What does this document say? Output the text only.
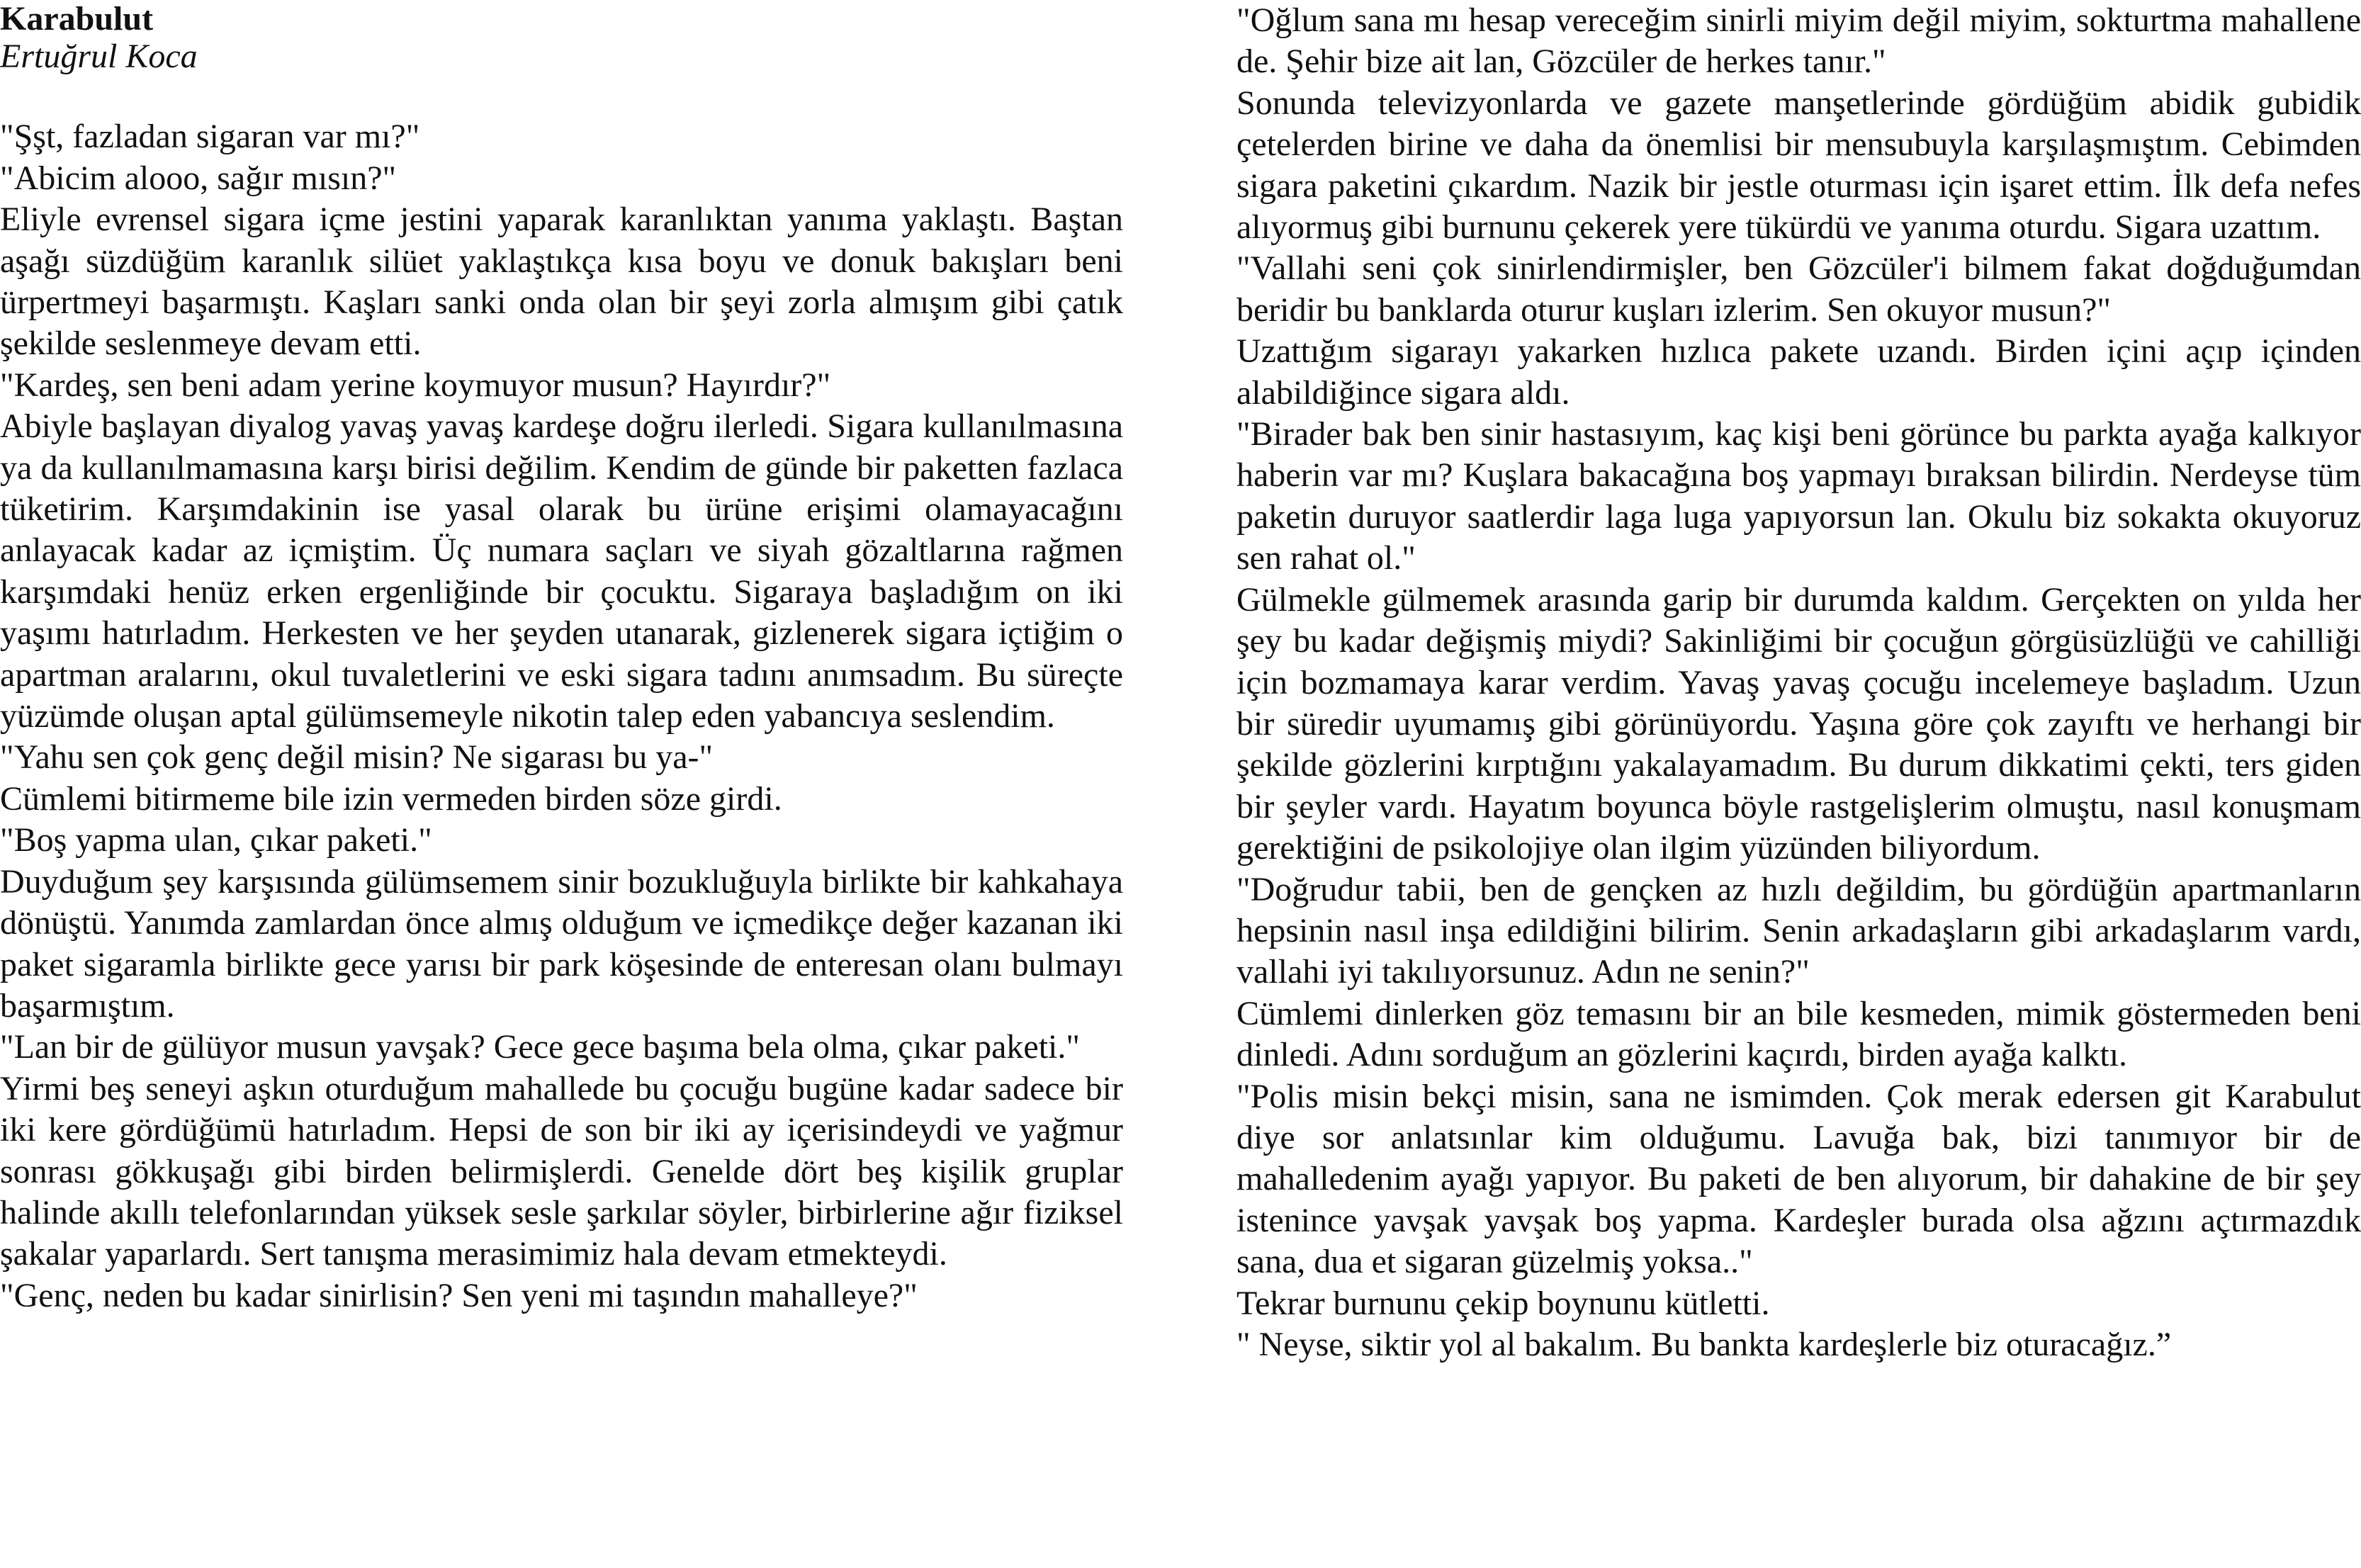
Karabulut

Ertuğrul Koca

"Şşt, fazladan sigaran var mı?"

"Abicim alooo, sağır mısın?"

Eliyle evrensel sigara içme jestini yaparak karanlıktan yanıma yaklaştı. Baştan aşağı süzdüğüm karanlık silüet yaklaştıkça kısa boyu ve donuk bakışları beni ürpertmeyi başarmıştı. Kaşları sanki onda olan bir şeyi zorla almışım gibi çatık şekilde seslenmeye devam etti.

"Kardeş, sen beni adam yerine koymuyor musun? Hayırdır?"

Abiyle başlayan diyalog yavaş yavaş kardeşe doğru ilerledi. Sigara kullanılmasına ya da kullanılmamasına karşı birisi değilim. Kendim de günde bir paketten fazlaca tüketirim. Karşımdakinin ise yasal olarak bu ürüne erişimi olamayacağını anlayacak kadar az içmiştim. Üç numara saçları ve siyah gözaltlarına rağmen karşımdaki henüz erken ergenliğinde bir çocuktu. Sigaraya başladığım on iki yaşımı hatırladım. Herkesten ve her şeyden utanarak, gizlenerek sigara içtiğim o apartman aralarını, okul tuvaletlerini ve eski sigara tadını anımsadım. Bu süreçte yüzümde oluşan aptal gülümsemeyle nikotin talep eden yabancıya seslendim.

"Yahu sen çok genç değil misin? Ne sigarası bu ya-"

Cümlemi bitirmeme bile izin vermeden birden söze girdi.

"Boş yapma ulan, çıkar paketi."

Duyduğum şey karşısında gülümsemem sinir bozukluğuyla birlikte bir kahkahaya dönüştü. Yanımda zamlardan önce almış olduğum ve içmedikçe değer kazanan iki paket sigaramla birlikte gece yarısı bir park köşesinde de enteresan olanı bulmayı başarmıştım.

"Lan bir de gülüyor musun yavşak? Gece gece başıma bela olma, çıkar paketi."

Yirmi beş seneyi aşkın oturduğum mahallede bu çocuğu bugüne kadar sadece bir iki kere gördüğümü hatırladım. Hepsi de son bir iki ay içerisindeydi ve yağmur sonrası gökkuşağı gibi birden belirmişlerdi. Genelde dört beş kişilik gruplar halinde akıllı telefonlarından yüksek sesle şarkılar söyler, birbirlerine ağır fiziksel şakalar yaparlardı. Sert tanışma merasimimiz hala devam etmekteydi.

"Genç, neden bu kadar sinirlisin? Sen yeni mi taşındın mahalleye?"

"Oğlum sana mı hesap vereceğim sinirli miyim değil miyim, sokturtma mahallene de. Şehir bize ait lan, Gözcüler de herkes tanır."

Sonunda televizyonlarda ve gazete manşetlerinde gördüğüm abidik gubidik çetelerden birine ve daha da önemlisi bir mensubuyla karşılaşmıştım. Cebimden sigara paketini çıkardım. Nazik bir jestle oturması için işaret ettim. İlk defa nefes alıyormuş gibi burnunu çekerek yere tükürdü ve yanıma oturdu. Sigara uzattım.

"Vallahi seni çok sinirlendirmişler, ben Gözcüler'i bilmem fakat doğduğumdan beridir bu banklarda oturur kuşları izlerim. Sen okuyor musun?"

Uzattığım sigarayı yakarken hızlıca pakete uzandı. Birden içini açıp içinden alabildiğince sigara aldı.

"Birader bak ben sinir hastasıyım, kaç kişi beni görünce bu parkta ayağa kalkıyor haberin var mı? Kuşlara bakacağına boş yapmayı bıraksan bilirdin. Nerdeyse tüm paketin duruyor saatlerdir laga luga yapıyorsun lan. Okulu biz sokakta okuyoruz sen rahat ol."

Gülmekle gülmemek arasında garip bir durumda kaldım. Gerçekten on yılda her şey bu kadar değişmiş miydi? Sakinliğimi bir çocuğun görgüsüzlüğü ve cahilliği için bozmamaya karar verdim. Yavaş yavaş çocuğu incelemeye başladım. Uzun bir süredir uyumamış gibi görünüyordu. Yaşına göre çok zayıftı ve herhangi bir şekilde gözlerini kırptığını yakalayamadım. Bu durum dikkatimi çekti, ters giden bir şeyler vardı. Hayatım boyunca böyle rastgelişlerim olmuştu, nasıl konuşmam gerektiğini de psikolojiye olan ilgim yüzünden biliyordum.

"Doğrudur tabii, ben de gençken az hızlı değildim, bu gördüğün apartmanların hepsinin nasıl inşa edildiğini bilirim. Senin arkadaşların gibi arkadaşlarım vardı, vallahi iyi takılıyorsunuz. Adın ne senin?"

Cümlemi dinlerken göz temasını bir an bile kesmeden, mimik göstermeden beni dinledi. Adını sorduğum an gözlerini kaçırdı, birden ayağa kalktı.

"Polis misin bekçi misin, sana ne ismimden. Çok merak edersen git Karabulut diye sor anlatsınlar kim olduğumu. Lavuğa bak, bizi tanımıyor bir de mahalledenim ayağı yapıyor. Bu paketi de ben alıyorum, bir dahakine de bir şey istenince yavşak yavşak boş yapma. Kardeşler burada olsa ağzını açtırmazdık sana, dua et sigaran güzelmiş yoksa.."

Tekrar burnunu çekip boynunu kütletti.

" Neyse, siktir yol al bakalım. Bu bankta kardeşlerle biz oturacağız.”
